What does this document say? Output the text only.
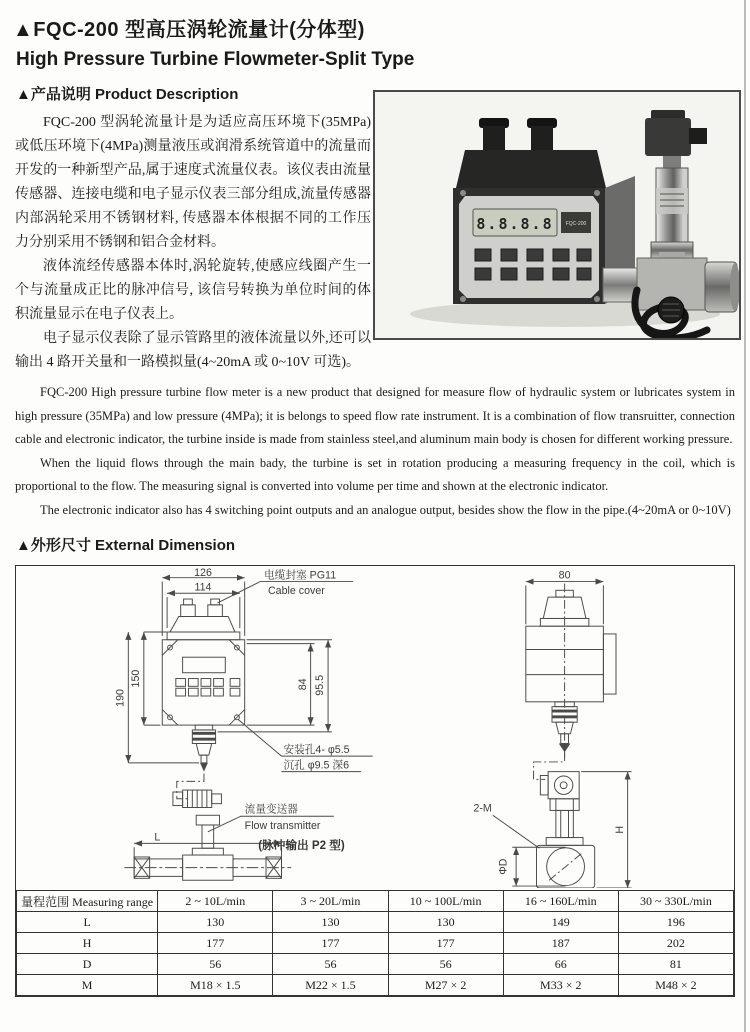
▲FQC-200 型高压涡轮流量计(分体型)
High Pressure Turbine Flowmeter-Split Type
▲产品说明 Product Description

FQC-200 型涡轮流量计是为适应高压环境下(35MPa)或低压环境下(4MPa)测量液压或润滑系统管道中的流量而开发的一种新型产品,属于速度式流量仪表。该仪表由流量传感器、连接电缆和电子显示仪表三部分组成,流量传感器内部涡轮采用不锈钢材料, 传感器本体根据不同的工作压力分别采用不锈钢和铝合金材料。

液体流经传感器本体时,涡轮旋转,使感应线圈产生一个与流量成正比的脉冲信号, 该信号转换为单位时间的体积流量显示在电子仪表上。

电子显示仪表除了显示管路里的液体流量以外,还可以输出 4 路开关量和一路模拟量(4~20mA 或 0~10V 可选)。

8.8.8.8 FQC-200

FQC-200 High pressure turbine flow meter is a new product that designed for measure flow of hydraulic system or lubricates system in high pressure (35MPa) and low pressure (4MPa); it is belongs to speed flow rate instrument. It is a combination of flow transruitter, connection cable and electronic indicator, the turbine inside is made from stainless steel,and aluminum main body is chosen for different working pressure.

When the liquid flows through the main bady, the turbine is set in rotation producing a measuring frequency in the coil, which is proportional to the flow. The measuring signal is converted into volume per time and shown at the electronic indicator.

The electronic indicator also has 4 switching point outputs and an analogue output, besides show the flow in the pipe.(4~20mA or 0~10V)

▲外形尺寸 External Dimension
126
114
150
190
84 95.5
电缆封塞 PG11
Cable cover
安装孔4- φ5.5
沉孔 φ9.5 深6
L
流量变送器
Flow transmitter
(脉冲输出 P2 型)
80
H
2-M
ΦD
量程范围 Measuring range	2 ~ 10L/min	3 ~ 20L/min	10 ~ 100L/min	16 ~ 160L/min	30 ~ 330L/min
L	130	130	130	149	196
H	177	177	177	187	202
D	56	56	56	66	81
M	M18 × 1.5	M22 × 1.5	M27 × 2	M33 × 2	M48 × 2
